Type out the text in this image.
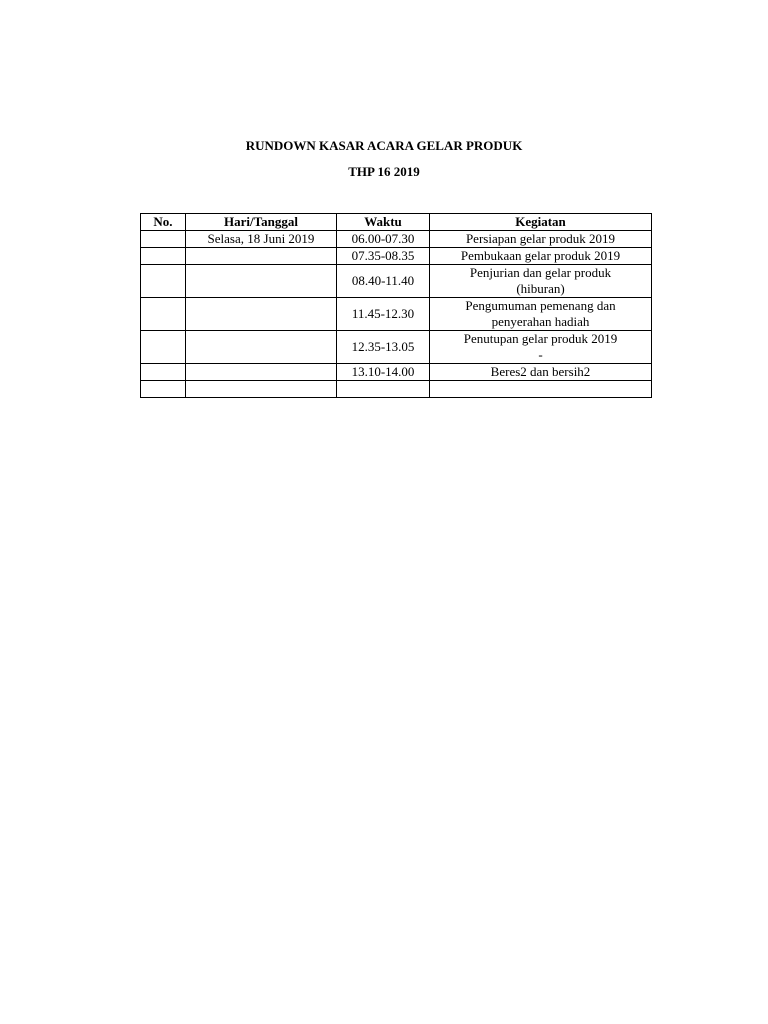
RUNDOWN KASAR ACARA GELAR PRODUK

THP 16 2019

No.	Hari/Tanggal	Waktu	Kegiatan
	Selasa, 18 Juni 2019	06.00-07.30	Persiapan gelar produk 2019

		07.35-08.35	Pembukaan gelar produk 2019

		08.40-11.40	Penjurian dan gelar produk
(hiburan)

		11.45-12.30	Pengumuman pemenang dan
penyerahan hadiah

		12.35-13.05	Penutupan gelar produk 2019
-

		13.10-14.00	Beres2 dan bersih2
